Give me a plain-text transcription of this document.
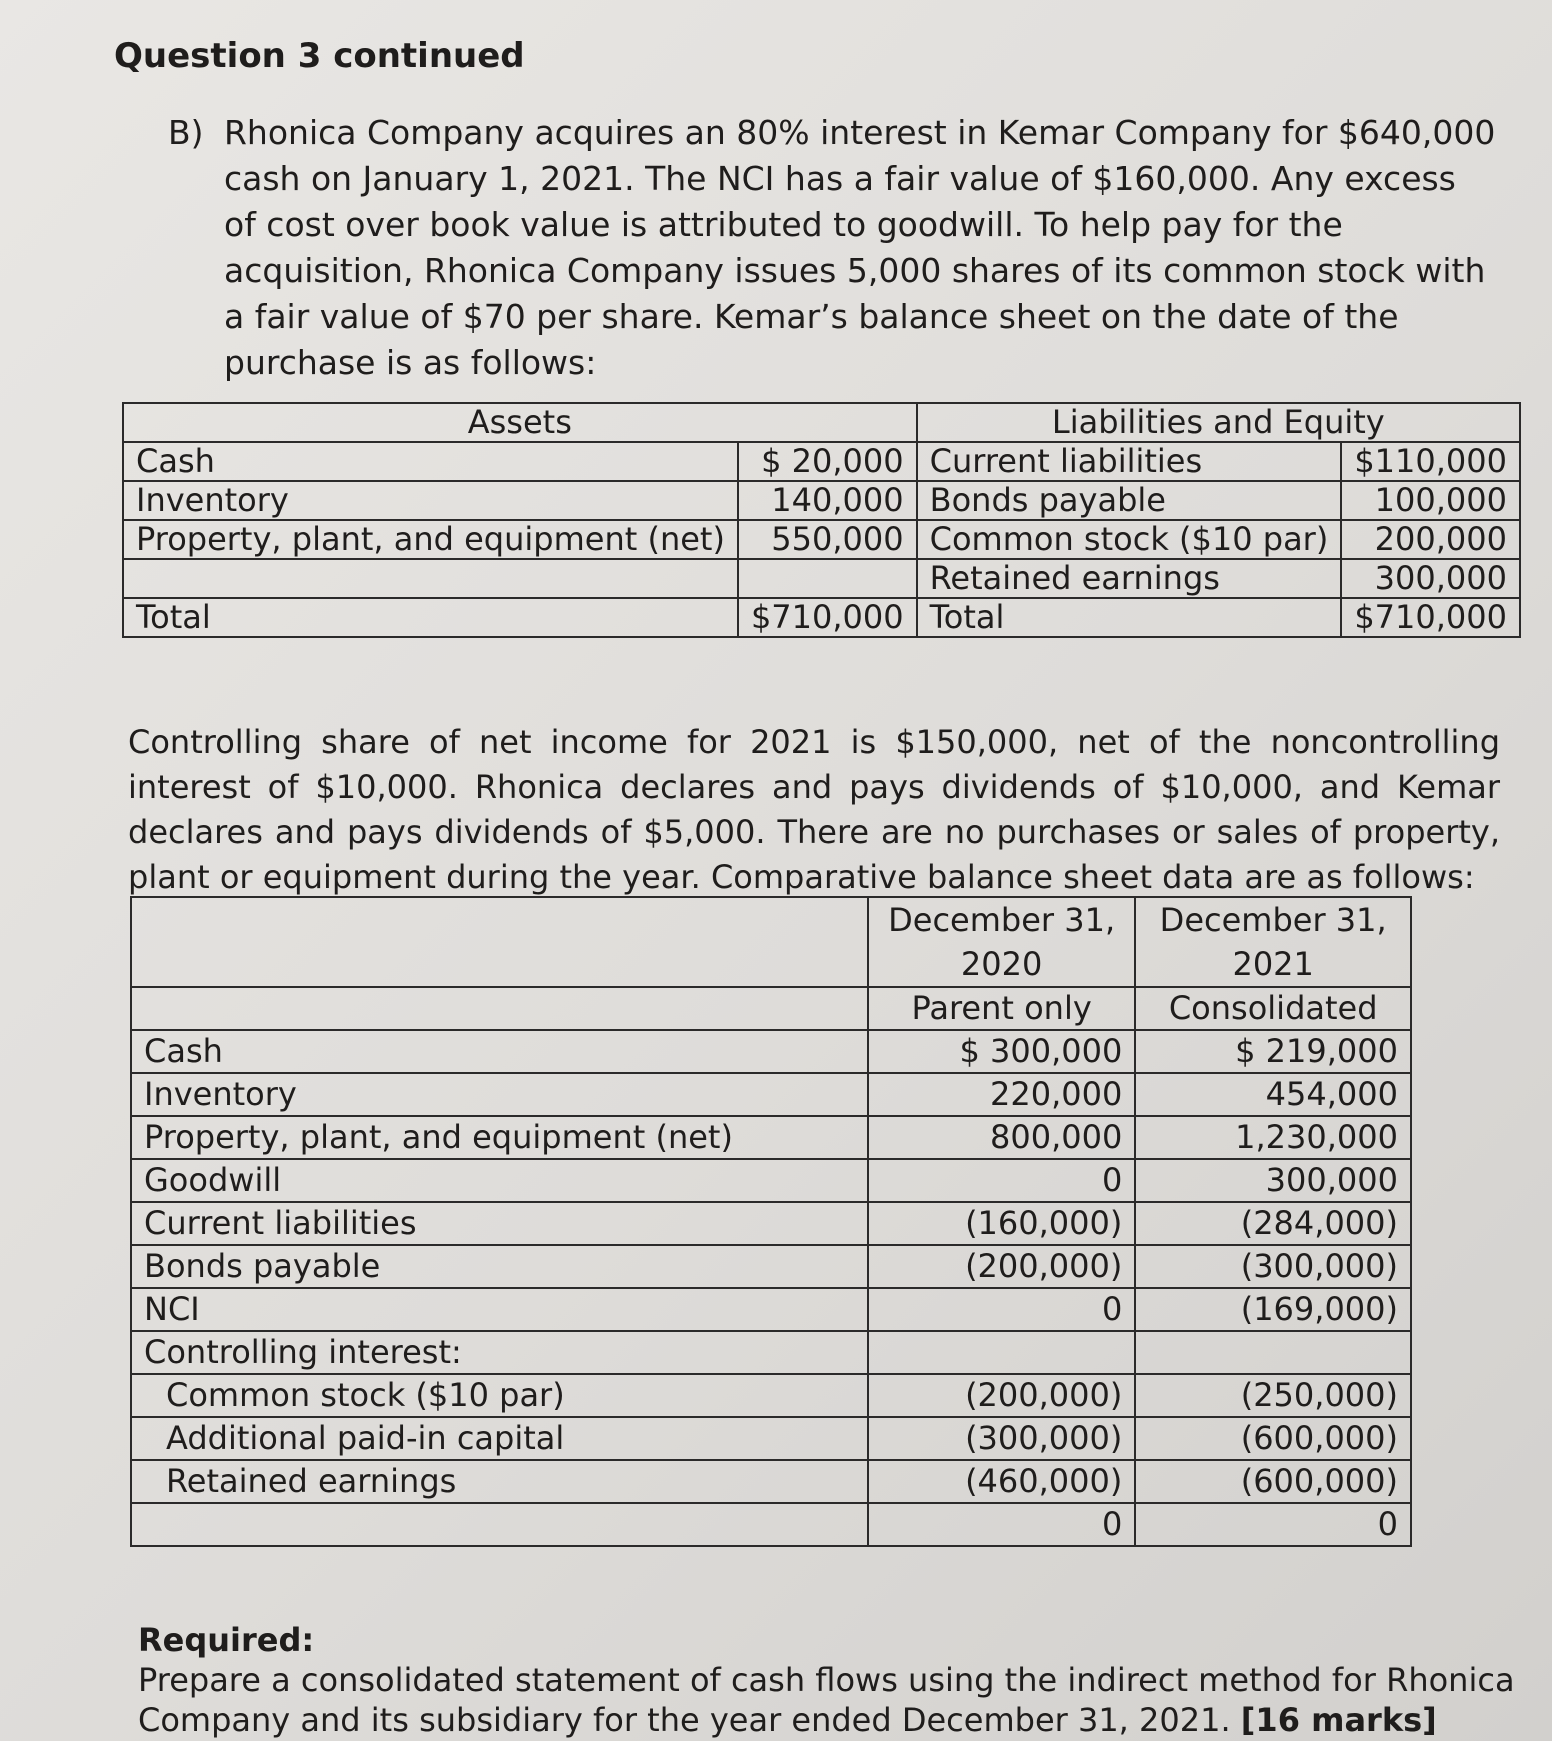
Question 3 continued
B) Rhonica Company acquires an 80% interest in Kemar Company for $640,000 cash on January 1, 2021. The NCI has a fair value of $160,000. Any excess of cost over book value is attributed to goodwill. To help pay for the acquisition, Rhonica Company issues 5,000 shares of its common stock with a fair value of $70 per share. Kemar’s balance sheet on the date of the purchase is as follows:
Assets		Liabilities and Equity	
Cash	$ 20,000	Current liabilities	$110,000
Inventory	140,000	Bonds payable	100,000
Property, plant, and equipment (net)	550,000	Common stock ($10 par)	200,000
		Retained earnings	300,000
Total	$710,000	Total	$710,000

Controlling share of net income for 2021 is $150,000, net of the noncontrolling interest of $10,000. Rhonica declares and pays dividends of $10,000, and Kemar declares and pays dividends of $5,000. There are no purchases or sales of property, plant or equipment during the year. Comparative balance sheet data are as follows:

	December 31, 2020	December 31, 2021
	Parent only	Consolidated
Cash	$ 300,000	$ 219,000
Inventory	220,000	454,000
Property, plant, and equipment (net)	800,000	1,230,000
Goodwill	0	300,000
Current liabilities	(160,000)	(284,000)
Bonds payable	(200,000)	(300,000)
NCI	0	(169,000)
Controlling interest:		
Common stock ($10 par)	(200,000)	(250,000)
Additional paid-in capital	(300,000)	(600,000)
Retained earnings	(460,000)	(600,000)
	0	0
Required:
Prepare a consolidated statement of cash flows using the indirect method for Rhonica Company and its subsidiary for the year ended December 31, 2021. [16 marks]
